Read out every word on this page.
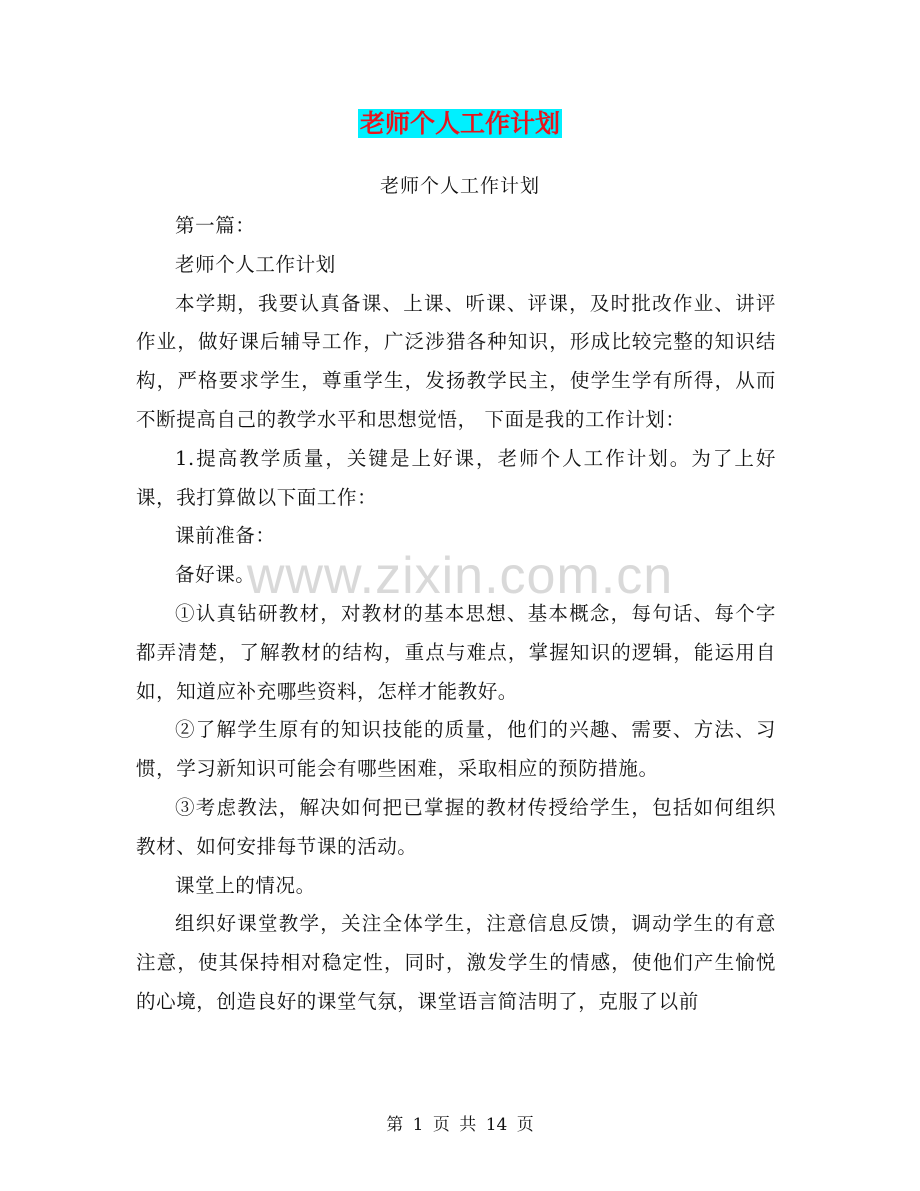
老师个人工作计划
老师个人工作计划

第一篇：

老师个人工作计划

本学期，我要认真备课、上课、听课、评课，及时批改作业、讲评作业，做好课后辅导工作，广泛涉猎各种知识，形成比较完整的知识结构，严格要求学生，尊重学生，发扬教学民主，使学生学有所得，从而不断提高自己的教学水平和思想觉悟， 下面是我的工作计划：

1.提高教学质量，关键是上好课，老师个人工作计划。为了上好课，我打算做以下面工作：

课前准备：

备好课。

①认真钻研教材，对教材的基本思想、基本概念，每句话、每个字都弄清楚，了解教材的结构，重点与难点，掌握知识的逻辑，能运用自如，知道应补充哪些资料，怎样才能教好。

②了解学生原有的知识技能的质量，他们的兴趣、需要、方法、习惯，学习新知识可能会有哪些困难，采取相应的预防措施。

③考虑教法，解决如何把已掌握的教材传授给学生，包括如何组织教材、如何安排每节课的活动。

课堂上的情况。

组织好课堂教学，关注全体学生，注意信息反馈，调动学生的有意注意，使其保持相对稳定性，同时，激发学生的情感，使他们产生愉悦的心境，创造良好的课堂气氛，课堂语言简洁明了，克服了以前

www.zixin.com.cn
第 1 页 共 14 页
